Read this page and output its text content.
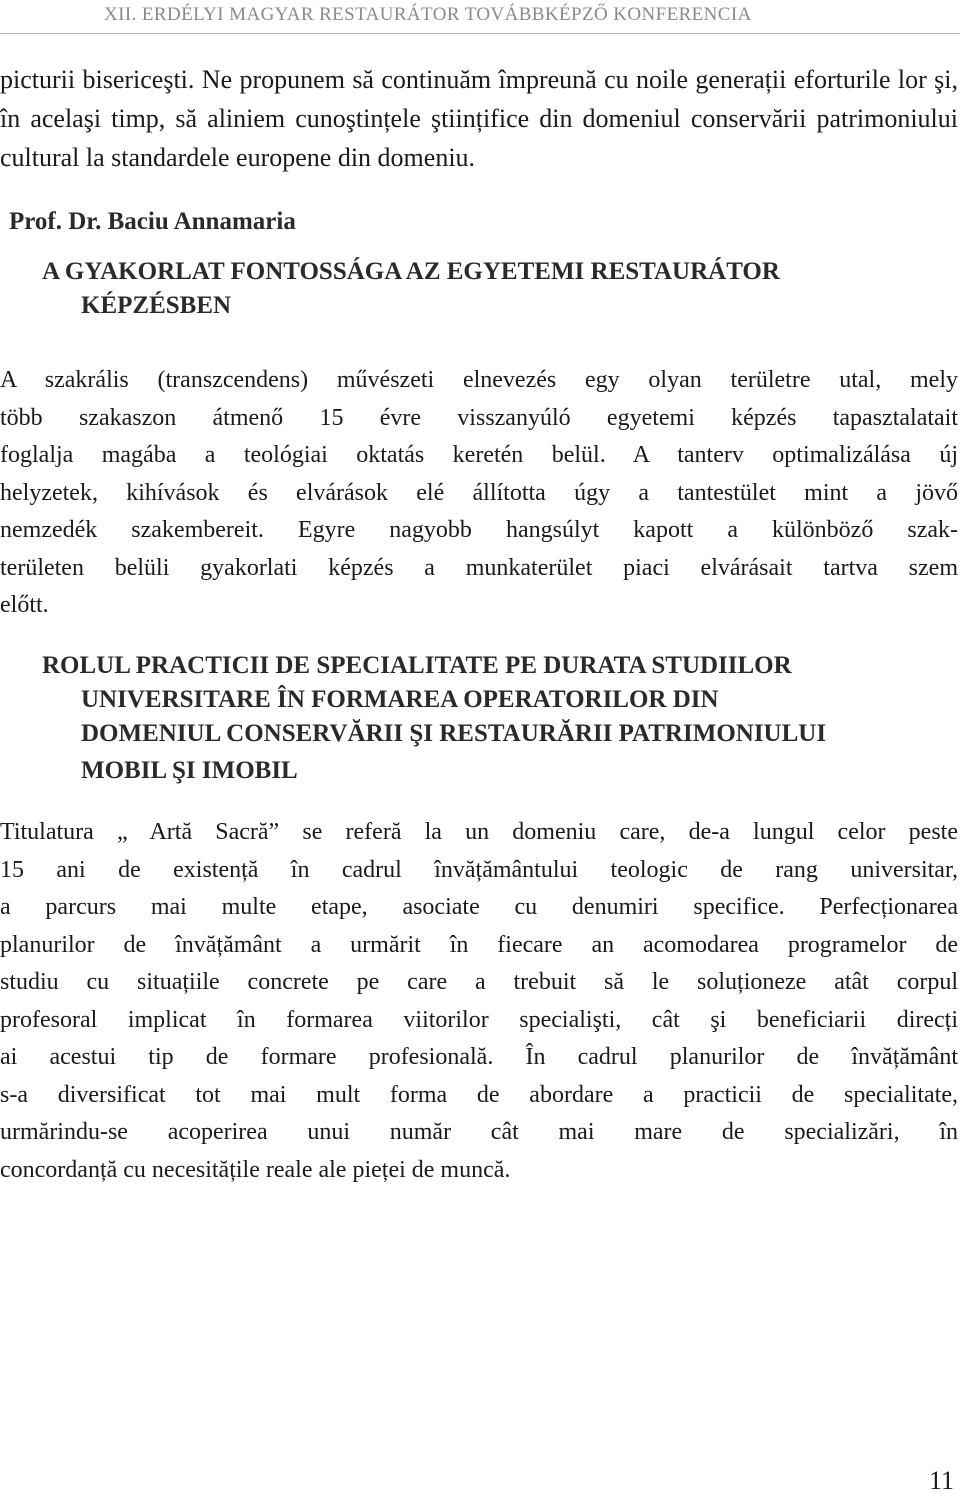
XII. ERDÉLYI MAGYAR RESTAURÁTOR TOVÁBBKÉPZŐ KONFERENCIA
picturii bisericeşti. Ne propunem să continuăm împreună cu noile generații eforturile lor şi, în acelaşi timp, să aliniem cunoştințele ştiințifice din domeniul conservării patrimoniului cultural la standardele europene din domeniu.
Prof. Dr. Baciu Annamaria
A GYAKORLAT FONTOSSÁGA AZ EGYETEMI RESTAURÁTOR
KÉPZÉSBEN
A szakrális (transzcendens) művészeti elnevezés egy olyan területre utal, mely
több szakaszon átmenő 15 évre visszanyúló egyetemi képzés tapasztalatait
foglalja magába a teológiai oktatás keretén belül. A tanterv optimalizálása új
helyzetek, kihívások és elvárások elé állította úgy a tantestület mint a jövő
nemzedék szakembereit. Egyre nagyobb hangsúlyt kapott a különböző szak-
területen belüli gyakorlati képzés a munkaterület piaci elvárásait tartva szem
előtt.
ROLUL PRACTICII DE SPECIALITATE PE DURATA STUDIILOR
UNIVERSITARE ÎN FORMAREA OPERATORILOR DIN
DOMENIUL CONSERVĂRII ŞI RESTAURĂRII PATRIMONIULUI
MOBIL ŞI IMOBIL
Titulatura „ Artă Sacră” se referă la un domeniu care, de-a lungul celor peste
15 ani de existență în cadrul învățământului teologic de rang universitar,
a parcurs mai multe etape, asociate cu denumiri specifice. Perfecționarea
planurilor de învățământ a urmărit în fiecare an acomodarea programelor de
studiu cu situațiile concrete pe care a trebuit să le soluționeze atât corpul
profesoral implicat în formarea viitorilor specialişti, cât şi beneficiarii direcți
ai acestui tip de formare profesională. În cadrul planurilor de învățământ
s-a diversificat tot mai mult forma de abordare a practicii de specialitate,
urmărindu-se acoperirea unui număr cât mai mare de specializări, în
concordanță cu necesitățile reale ale pieței de muncă.
11
